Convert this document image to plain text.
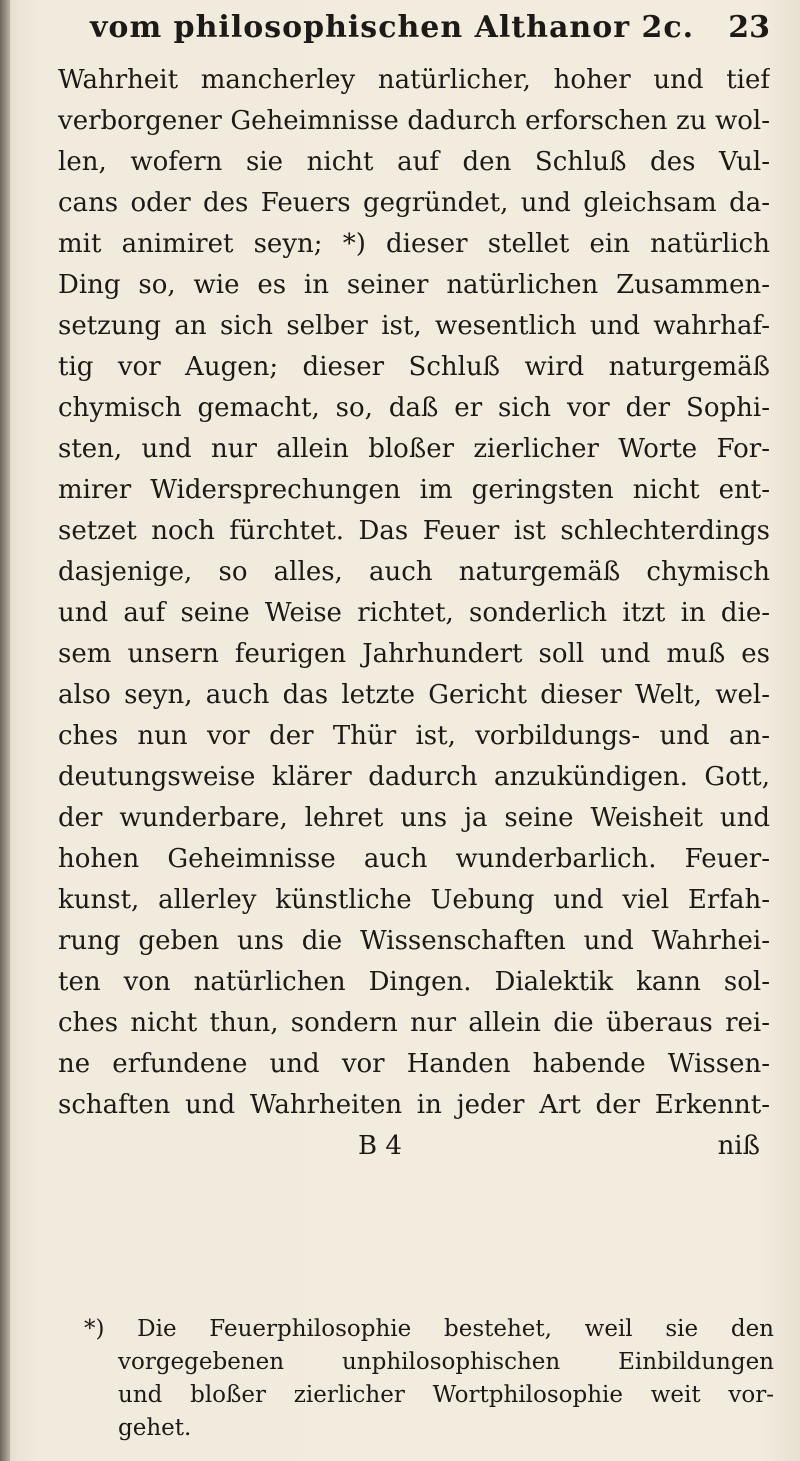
vom philosophischen Althanor 2c. 23
Wahrheit mancherley natürlicher, hoher und tief
verborgener Geheimnisse dadurch erforschen zu wol-
len, wofern sie nicht auf den Schluß des Vul-
cans oder des Feuers gegründet, und gleichsam da-
mit animiret seyn; *) dieser stellet ein natürlich
Ding so, wie es in seiner natürlichen Zusammen-
setzung an sich selber ist, wesentlich und wahrhaf-
tig vor Augen; dieser Schluß wird naturgemäß
chymisch gemacht, so, daß er sich vor der Sophi-
sten, und nur allein bloßer zierlicher Worte For-
mirer Widersprechungen im geringsten nicht ent-
setzet noch fürchtet. Das Feuer ist schlechterdings
dasjenige, so alles, auch naturgemäß chymisch
und auf seine Weise richtet, sonderlich itzt in die-
sem unsern feurigen Jahrhundert soll und muß es
also seyn, auch das letzte Gericht dieser Welt, wel-
ches nun vor der Thür ist, vorbildungs- und an-
deutungsweise klärer dadurch anzukündigen. Gott,
der wunderbare, lehret uns ja seine Weisheit und
hohen Geheimnisse auch wunderbarlich. Feuer-
kunst, allerley künstliche Uebung und viel Erfah-
rung geben uns die Wissenschaften und Wahrhei-
ten von natürlichen Dingen. Dialektik kann sol-
ches nicht thun, sondern nur allein die überaus rei-
ne erfundene und vor Handen habende Wissen-
schaften und Wahrheiten in jeder Art der Erkennt-
B 4	niß
*) Die Feuerphilosophie bestehet, weil sie den
vorgegebenen unphilosophischen Einbildungen
und bloßer zierlicher Wortphilosophie weit vor-
gehet.
